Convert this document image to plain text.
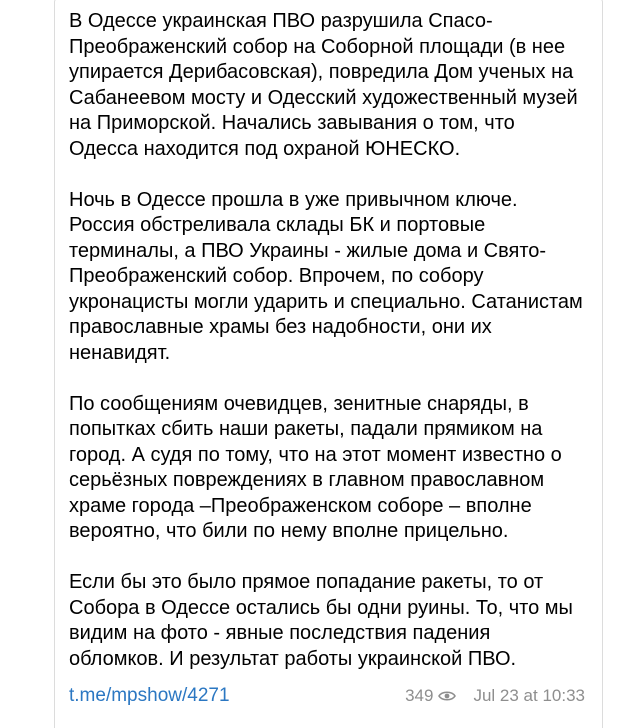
В Одессе украинская ПВО разрушила Спасо-
Преображенский собор на Соборной площади (в нее
упирается Дерибасовская), повредила Дом ученых на
Сабанеевом мосту и Одесский художественный музей
на Приморской. Начались завывания о том, что
Одесса находится под охраной ЮНЕСКО.

Ночь в Одессе прошла в уже привычном ключе.
Россия обстреливала склады БК и портовые
терминалы, а ПВО Украины - жилые дома и Свято-
Преображенский собор. Впрочем, по собору
укронацисты могли ударить и специально. Сатанистам
православные храмы без надобности, они их
ненавидят.

По сообщениям очевидцев, зенитные снаряды, в
попытках сбить наши ракеты, падали прямиком на
город. А судя по тому, что на этот момент известно о
серьёзных повреждениях в главном православном
храме города –Преображенском соборе – вполне
вероятно, что били по нему вполне прицельно.

Если бы это было прямое попадание ракеты, то от
Собора в Одессе остались бы одни руины. То, что мы
видим на фото - явные последствия падения
обломков. И результат работы украинской ПВО.

t.me/mpshow/4271	349 Jul 23 at 10:33
